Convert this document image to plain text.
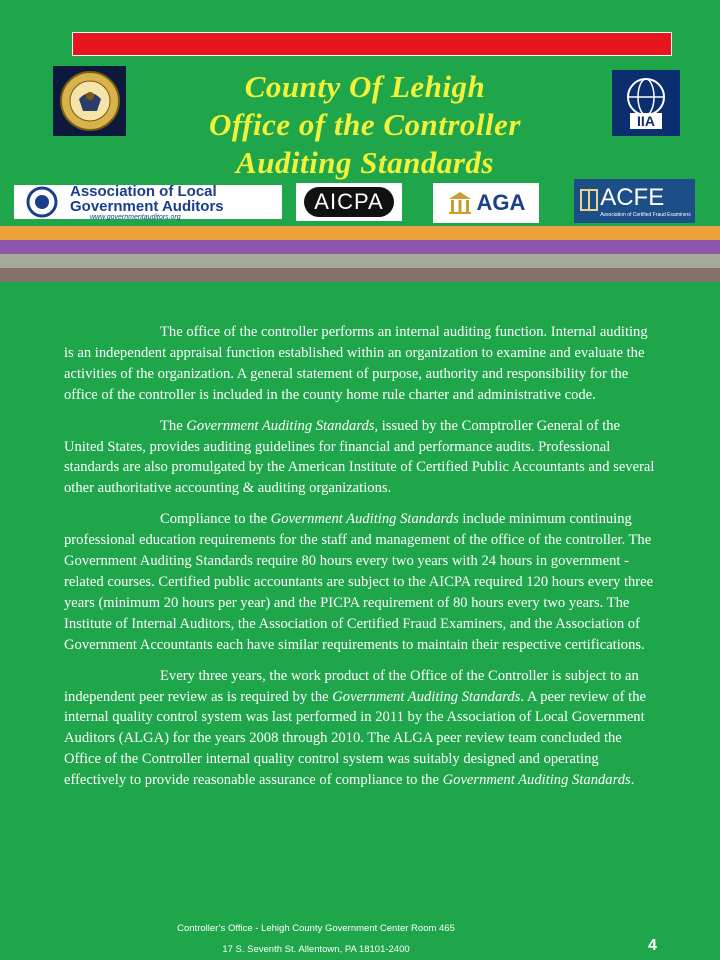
County Of Lehigh
Office of the Controller
Auditing Standards
IIA
Association of Local
Government Auditors
www.governmentauditors.org
AICPA	AGA	ACFE
Association of Certified Fraud Examiners

The office of the controller performs an internal auditing function. Internal auditing is an independent appraisal function established within an organization to examine and evaluate the activities of the organization. A general statement of purpose, authority and responsibility for the office of the controller is included in the county home rule charter and administrative code.

The Government Auditing Standards, issued by the Comptroller General of the United States, provides auditing guidelines for financial and performance audits. Professional standards are also promulgated by the American Institute of Certified Public Accountants and several other authoritative accounting & auditing organizations.

Compliance to the Government Auditing Standards include minimum continuing professional education requirements for the staff and management of the office of the controller. The Government Auditing Standards require 80 hours every two years with 24 hours in government - related courses. Certified public accountants are subject to the AICPA required 120 hours every three years (minimum 20 hours per year) and the PICPA requirement of 80 hours every two years. The Institute of Internal Auditors, the Association of Certified Fraud Examiners, and the Association of Government Accountants each have similar requirements to maintain their respective certifications.

Every three years, the work product of the Office of the Controller is subject to an independent peer review as is required by the Government Auditing Standards. A peer review of the internal quality control system was last performed in 2011 by the Association of Local Government Auditors (ALGA) for the years 2008 through 2010. The ALGA peer review team concluded the Office of the Controller internal quality control system was suitably designed and operating effectively to provide reasonable assurance of compliance to the Government Auditing Standards.

Controller’s Office - Lehigh County Government Center Room 465
17 S. Seventh St. Allentown, PA 18101-2400	4
